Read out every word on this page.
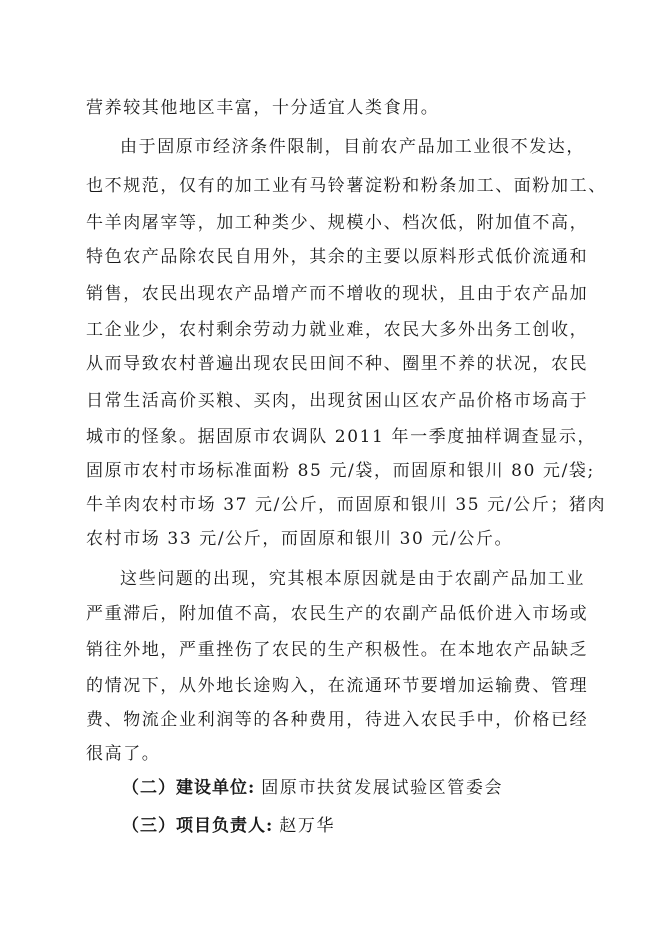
营养较其他地区丰富，十分适宜人类食用。
由于固原市经济条件限制，目前农产品加工业很不发达，
也不规范，仅有的加工业有马铃薯淀粉和粉条加工、面粉加工、
牛羊肉屠宰等，加工种类少、规模小、档次低，附加值不高，
特色农产品除农民自用外，其余的主要以原料形式低价流通和
销售，农民出现农产品增产而不增收的现状，且由于农产品加
工企业少，农村剩余劳动力就业难，农民大多外出务工创收，
从而导致农村普遍出现农民田间不种、圈里不养的状况，农民
日常生活高价买粮、买肉，出现贫困山区农产品价格市场高于
城市的怪象。据固原市农调队 2011 年一季度抽样调查显示，
固原市农村市场标准面粉 85 元/袋，而固原和银川 80 元/袋;
牛羊肉农村市场 37 元/公斤，而固原和银川 35 元/公斤；猪肉
农村市场 33 元/公斤，而固原和银川 30 元/公斤。
这些问题的出现，究其根本原因就是由于农副产品加工业
严重滞后，附加值不高，农民生产的农副产品低价进入市场或
销往外地，严重挫伤了农民的生产积极性。在本地农产品缺乏
的情况下，从外地长途购入，在流通环节要增加运输费、管理
费、物流企业利润等的各种费用，待进入农民手中，价格已经
很高了。
（二）建设单位: 固原市扶贫发展试验区管委会
（三）项目负责人: 赵万华
